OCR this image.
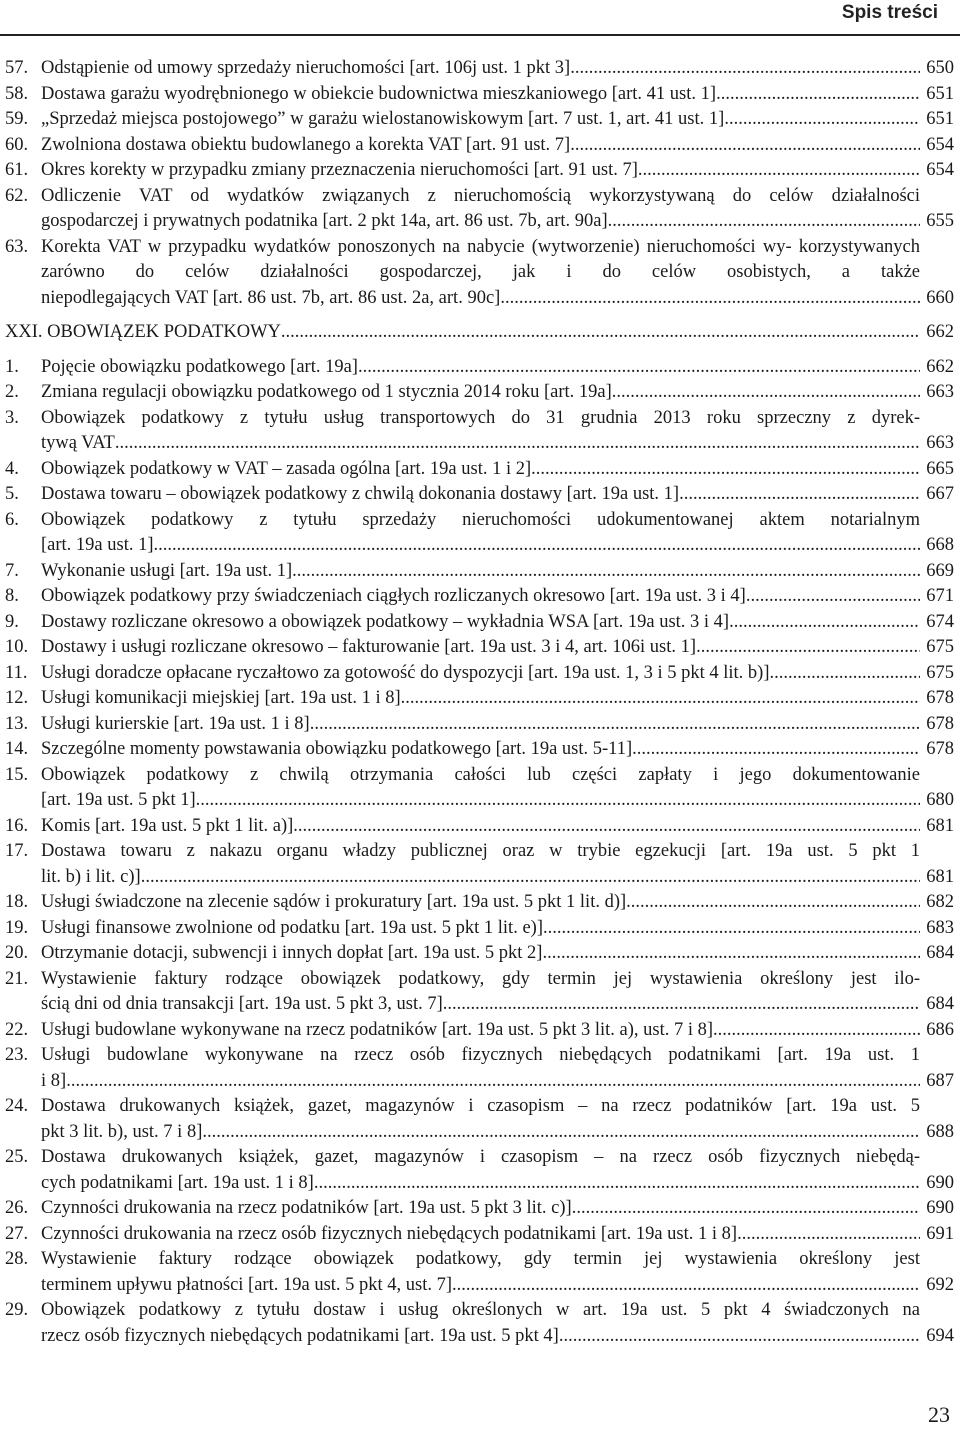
Spis treści
57. Odstąpienie od umowy sprzedaży nieruchomości [art. 106j ust. 1 pkt 3] .....	650
58. Dostawa garażu wyodrębnionego w obiekcie budownictwa mieszkaniowego [art. 41 ust. 1] .....	651
59. „Sprzedaż miejsca postojowego” w garażu wielostanowiskowym [art. 7 ust. 1, art. 41 ust. 1] .....	651
60. Zwolniona dostawa obiektu budowlanego a korekta VAT [art. 91 ust. 7] .....	654
61. Okres korekty w przypadku zmiany przeznaczenia nieruchomości [art. 91 ust. 7] .....	654
62. Odliczenie VAT od wydatków związanych z nieruchomością wykorzystywaną do celów działalności
gospodarczej i prywatnych podatnika [art. 2 pkt 14a, art. 86 ust. 7b, art. 90a] .....	655
63. Korekta VAT w przypadku wydatków ponoszonych na nabycie (wytworzenie) nieruchomości wy- korzystywanych zarówno do celów działalności gospodarczej, jak i do celów osobistych, a także
niepodlegających VAT [art. 86 ust. 7b, art. 86 ust. 2a, art. 90c] .....	660
XXI. OBOWIĄZEK PODATKOWY .....	662
1.	Pojęcie obowiązku podatkowego [art. 19a] .....	662
2.	Zmiana regulacji obowiązku podatkowego od 1 stycznia 2014 roku [art. 19a] .....	663
3.	Obowiązek podatkowy z tytułu usług transportowych do 31 grudnia 2013 roku sprzeczny z dyrek-
tywą VAT .....	663
4.	Obowiązek podatkowy w VAT – zasada ogólna [art. 19a ust. 1 i 2] .....	665
5.	Dostawa towaru – obowiązek podatkowy z chwilą dokonania dostawy [art. 19a ust. 1] .....	667
6.	Obowiązek podatkowy z tytułu sprzedaży nieruchomości udokumentowanej aktem notarialnym
[art. 19a ust. 1] .....	668
7.	Wykonanie usługi [art. 19a ust. 1] .....	669
8.	Obowiązek podatkowy przy świadczeniach ciągłych rozliczanych okresowo [art. 19a ust. 3 i 4] .....	671
9.	Dostawy rozliczane okresowo a obowiązek podatkowy – wykładnia WSA [art. 19a ust. 3 i 4] .....	674
10. Dostawy i usługi rozliczane okresowo – fakturowanie [art. 19a ust. 3 i 4, art. 106i ust. 1] .....	675
11. Usługi doradcze opłacane ryczałtowo za gotowość do dyspozycji [art. 19a ust. 1, 3 i 5 pkt 4 lit. b)] .....	675
12. Usługi komunikacji miejskiej [art. 19a ust. 1 i 8] .....	678
13. Usługi kurierskie [art. 19a ust. 1 i 8] .....	678
14. Szczególne momenty powstawania obowiązku podatkowego [art. 19a ust. 5-11] .....	678
15. Obowiązek podatkowy z chwilą otrzymania całości lub części zapłaty i jego dokumentowanie
[art. 19a ust. 5 pkt 1] .....	680
16. Komis [art. 19a ust. 5 pkt 1 lit. a)] .....	681
17. Dostawa towaru z nakazu organu władzy publicznej oraz w trybie egzekucji [art. 19a ust. 5 pkt 1
lit. b) i lit. c)] .....	681
18. Usługi świadczone na zlecenie sądów i prokuratury [art. 19a ust. 5 pkt 1 lit. d)] .....	682
19. Usługi finansowe zwolnione od podatku [art. 19a ust. 5 pkt 1 lit. e)] .....	683
20. Otrzymanie dotacji, subwencji i innych dopłat [art. 19a ust. 5 pkt 2] .....	684
21. Wystawienie faktury rodzące obowiązek podatkowy, gdy termin jej wystawienia określony jest ilo-
ścią dni od dnia transakcji [art. 19a ust. 5 pkt 3, ust. 7] .....	684
22. Usługi budowlane wykonywane na rzecz podatników [art. 19a ust. 5 pkt 3 lit. a), ust. 7 i 8] .....	686
23. Usługi budowlane wykonywane na rzecz osób fizycznych niebędących podatnikami [art. 19a ust. 1
i 8] .....	687
24. Dostawa drukowanych książek, gazet, magazynów i czasopism – na rzecz podatników [art. 19a ust. 5
pkt 3 lit. b), ust. 7 i 8] .....	688
25. Dostawa drukowanych książek, gazet, magazynów i czasopism – na rzecz osób fizycznych niebędą-
cych podatnikami [art. 19a ust. 1 i 8] .....	690
26. Czynności drukowania na rzecz podatników [art. 19a ust. 5 pkt 3 lit. c)] .....	690
27. Czynności drukowania na rzecz osób fizycznych niebędących podatnikami [art. 19a ust. 1 i 8] .....	691
28. Wystawienie faktury rodzące obowiązek podatkowy, gdy termin jej wystawienia określony jest
terminem upływu płatności [art. 19a ust. 5 pkt 4, ust. 7] .....	692
29. Obowiązek podatkowy z tytułu dostaw i usług określonych w art. 19a ust. 5 pkt 4 świadczonych na
rzecz osób fizycznych niebędących podatnikami [art. 19a ust. 5 pkt 4] .....	694
23
